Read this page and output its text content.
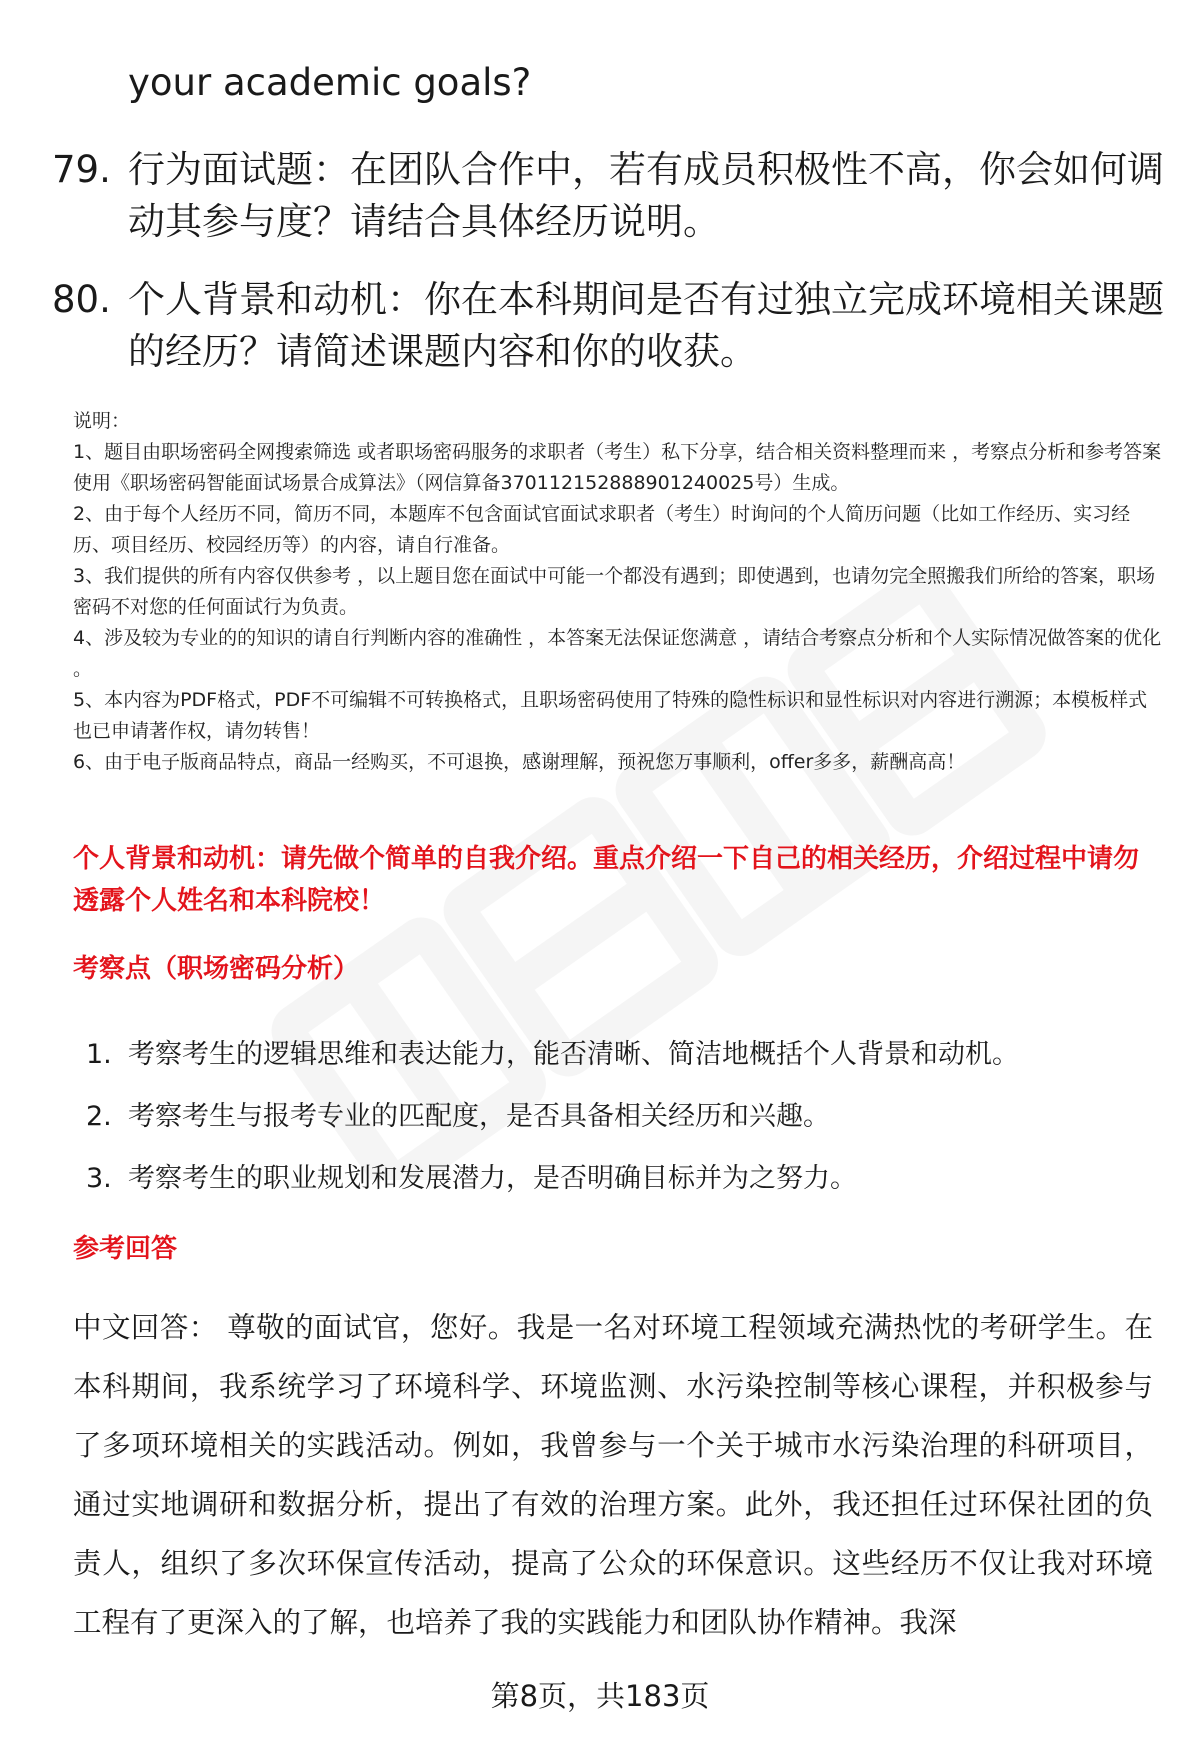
your academic goals?
79. 行为面试题：在团队合作中，若有成员积极性不高，你会如何调动其参与度？请结合具体经历说明。
80. 个人背景和动机：你在本科期间是否有过独立完成环境相关课题的经历？请简述课题内容和你的收获。

说明：

1、题目由职场密码全网搜索筛选 或者职场密码服务的求职者（考生）私下分享，结合相关资料整理而来 ，考察点分析和参考答案使用《职场密码智能面试场景合成算法》（网信算备370112152888901240025号）生成。

2、由于每个人经历不同，简历不同，本题库不包含面试官面试求职者（考生）时询问的个人简历问题（比如工作经历、实习经历、项目经历、校园经历等）的内容，请自行准备。

3、我们提供的所有内容仅供参考 ，以上题目您在面试中可能一个都没有遇到；即使遇到，也请勿完全照搬我们所给的答案，职场密码不对您的任何面试行为负责。

4、涉及较为专业的的知识的请自行判断内容的准确性 ，本答案无法保证您满意 ，请结合考察点分析和个人实际情况做答案的优化 。

5、本内容为PDF格式，PDF不可编辑不可转换格式，且职场密码使用了特殊的隐性标识和显性标识对内容进行溯源；本模板样式也已申请著作权，请勿转售！

6、由于电子版商品特点，商品一经购买，不可退换，感谢理解，预祝您万事顺利，offer多多，薪酬高高！

个人背景和动机：请先做个简单的自我介绍。重点介绍一下自己的相关经历，介绍过程中请勿透露个人姓名和本科院校！
考察点（职场密码分析）
1. 考察考生的逻辑思维和表达能力，能否清晰、简洁地概括个人背景和动机。
2. 考察考生与报考专业的匹配度，是否具备相关经历和兴趣。
3. 考察考生的职业规划和发展潜力，是否明确目标并为之努力。
参考回答
中文回答： 尊敬的面试官，您好。我是一名对环境工程领域充满热忱的考研学生。在本科期间，我系统学习了环境科学、环境监测、水污染控制等核心课程，并积极参与了多项环境相关的实践活动。例如，我曾参与一个关于城市水污染治理的科研项目，通过实地调研和数据分析，提出了有效的治理方案。此外，我还担任过环保社团的负责人，组织了多次环保宣传活动，提高了公众的环保意识。这些经历不仅让我对环境工程有了更深入的了解，也培养了我的实践能力和团队协作精神。我深
第8页，共183页
